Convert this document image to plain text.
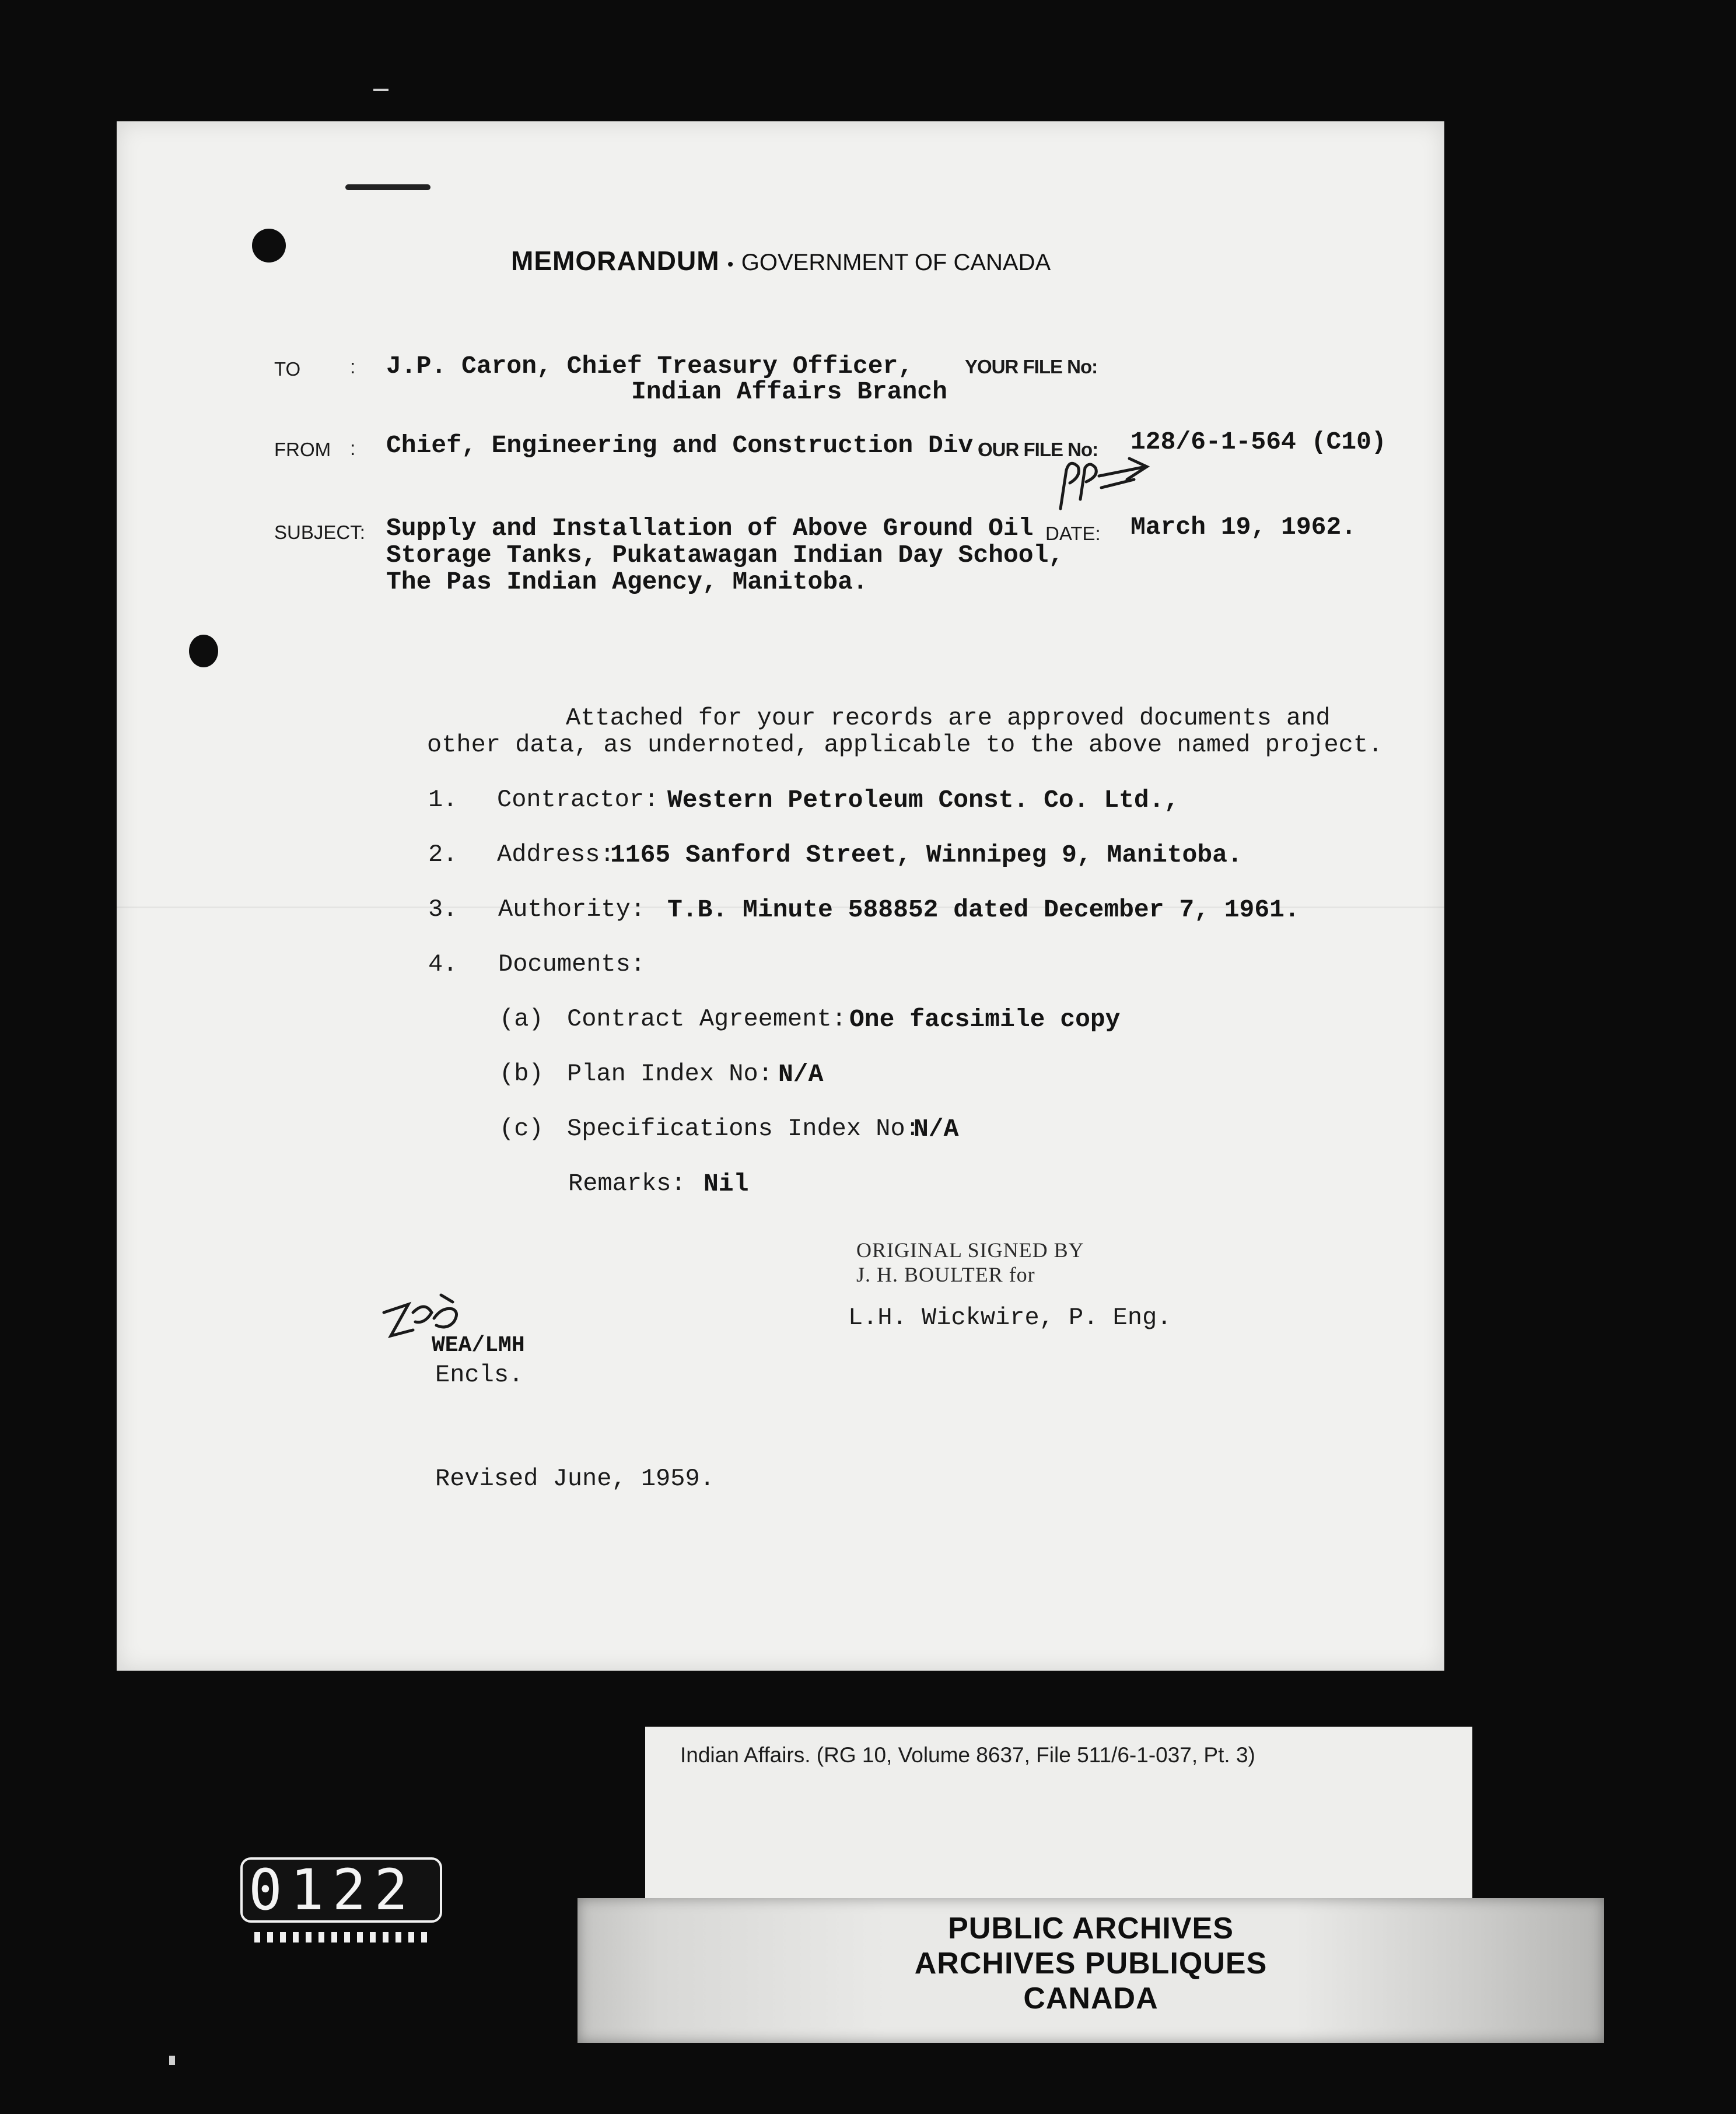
MEMORANDUM • GOVERNMENT OF CANADA
TO : J.P. Caron, Chief Treasury Officer,
Indian Affairs Branch
YOUR FILE No:
FROM : Chief, Engineering and Construction Div.
OUR FILE No: 128/6-1-564 (C10)
SUBJECT: Supply and Installation of Above Ground Oil
Storage Tanks, Pukatawagan Indian Day School,
The Pas Indian Agency, Manitoba.
DATE: March 19, 1962.
Attached for your records are approved documents and
other data, as undernoted, applicable to the above named project.
1. Contractor: Western Petroleum Const. Co. Ltd.,
2. Address:
1165 Sanford Street, Winnipeg 9, Manitoba.
3. Authority: T.B. Minute 588852 dated December 7, 1961.
4. Documents:
(a) Contract Agreement: One facsimile copy
(b) Plan Index No: N/A
(c) Specifications Index No:
N/A
Remarks: Nil
ORIGINAL SIGNED BY
J. H. BOULTER for
L.H. Wickwire, P. Eng.
WEA/LMH
Encls.
Revised June, 1959.
Indian Affairs. (RG 10, Volume 8637, File 511/6-1-037, Pt. 3)
PUBLIC ARCHIVES
ARCHIVES PUBLIQUES
CANADA
0122
